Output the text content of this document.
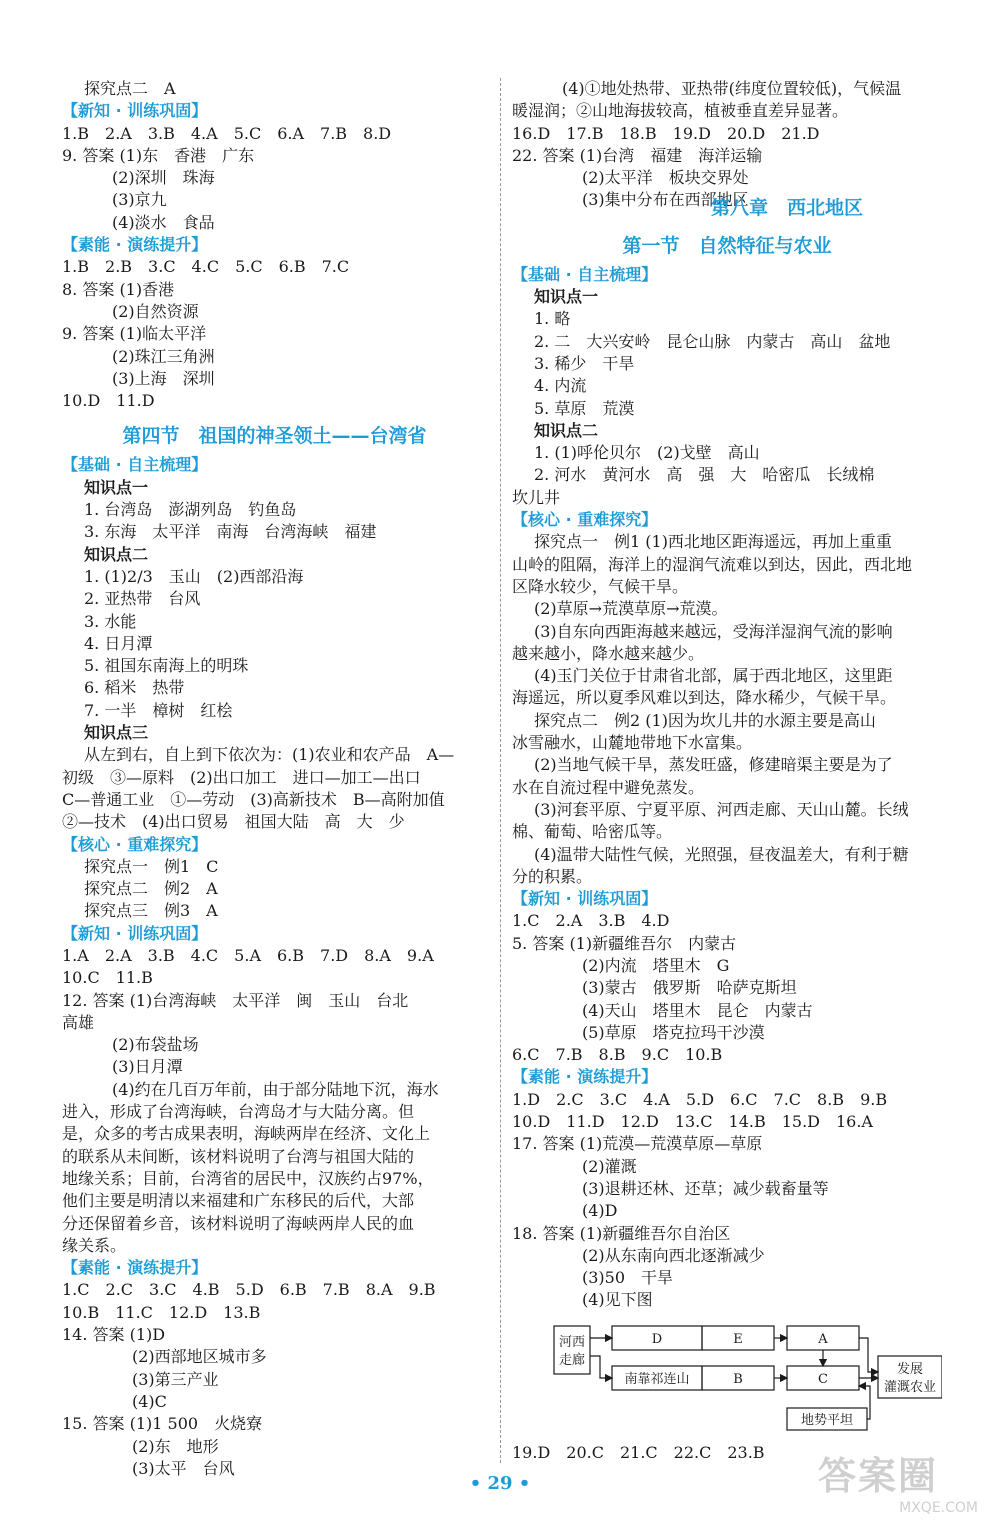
探究点二　A
【新知 · 训练巩固】
1.B　2.A　3.B　4.A　5.C　6.A　7.B　8.D
9. 答案 (1)东　香港　广东
(2)深圳　珠海
(3)京九
(4)淡水　食品
【素能 · 演练提升】
1.B　2.B　3.C　4.C　5.C　6.B　7.C
8. 答案 (1)香港
(2)自然资源
9. 答案 (1)临太平洋
(2)珠江三角洲
(3)上海　深圳
10.D　11.D
第四节　祖国的神圣领土——台湾省
【基础 · 自主梳理】
知识点一
1. 台湾岛　澎湖列岛　钓鱼岛
3. 东海　太平洋　南海　台湾海峡　福建
知识点二
1. (1)2/3　玉山　(2)西部沿海
2. 亚热带　台风
3. 水能
4. 日月潭
5. 祖国东南海上的明珠
6. 稻米　热带
7. 一半　樟树　红桧
知识点三
从左到右，自上到下依次为：(1)农业和农产品　A—
初级　③—原料　(2)出口加工　进口—加工—出口
C—普通工业　①—劳动　(3)高新技术　B—高附加值
②—技术　(4)出口贸易　祖国大陆　高　大　少
【核心 · 重难探究】
探究点一　例1　C
探究点二　例2　A
探究点三　例3　A
【新知 · 训练巩固】
1.A　2.A　3.B　4.C　5.A　6.B　7.D　8.A　9.A
10.C　11.B
12. 答案 (1)台湾海峡　太平洋　闽　玉山　台北
高雄
(2)布袋盐场
(3)日月潭
(4)约在几百万年前，由于部分陆地下沉，海水
进入，形成了台湾海峡，台湾岛才与大陆分离。但
是，众多的考古成果表明，海峡两岸在经济、文化上
的联系从未间断，该材料说明了台湾与祖国大陆的
地缘关系；目前，台湾省的居民中，汉族约占97%，
他们主要是明清以来福建和广东移民的后代，大部
分还保留着乡音，该材料说明了海峡两岸人民的血
缘关系。
【素能 · 演练提升】
1.C　2.C　3.C　4.B　5.D　6.B　7.B　8.A　9.B
10.B　11.C　12.D　13.B
14. 答案 (1)D
(2)西部地区城市多
(3)第三产业
(4)C
15. 答案 (1)1 500　火烧寮
(2)东　地形
(3)太平　台风
(4)①地处热带、亚热带(纬度位置较低)，气候温
暖湿润；②山地海拔较高，植被垂直差异显著。
16.D　17.B　18.B　19.D　20.D　21.D
22. 答案 (1)台湾　福建　海洋运输
(2)太平洋　板块交界处
(3)集中分布在西部地区
第八章　西北地区
第一节　自然特征与农业
【基础 · 自主梳理】
知识点一
1. 略
2. 二　大兴安岭　昆仑山脉　内蒙古　高山　盆地
3. 稀少　干旱
4. 内流
5. 草原　荒漠
知识点二
1. (1)呼伦贝尔　(2)戈壁　高山
2. 河水　黄河水　高　强　大　哈密瓜　长绒棉
坎儿井
【核心 · 重难探究】
探究点一　例1 (1)西北地区距海遥远，再加上重重
山岭的阻隔，海洋上的湿润气流难以到达，因此，西北地
区降水较少，气候干旱。
(2)草原→荒漠草原→荒漠。
(3)自东向西距海越来越远，受海洋湿润气流的影响
越来越小，降水越来越少。
(4)玉门关位于甘肃省北部，属于西北地区，这里距
海遥远，所以夏季风难以到达，降水稀少，气候干旱。
探究点二　例2 (1)因为坎儿井的水源主要是高山
冰雪融水，山麓地带地下水富集。
(2)当地气候干旱，蒸发旺盛，修建暗渠主要是为了
水在自流过程中避免蒸发。
(3)河套平原、宁夏平原、河西走廊、天山山麓。长绒
棉、葡萄、哈密瓜等。
(4)温带大陆性气候，光照强，昼夜温差大，有利于糖
分的积累。
【新知 · 训练巩固】
1.C　2.A　3.B　4.D
5. 答案 (1)新疆维吾尔　内蒙古
(2)内流　塔里木　G
(3)蒙古　俄罗斯　哈萨克斯坦
(4)天山　塔里木　昆仑　内蒙古
(5)草原　塔克拉玛干沙漠
6.C　7.B　8.B　9.C　10.B
【素能 · 演练提升】
1.D　2.C　3.C　4.A　5.D　6.C　7.C　8.B　9.B
10.D　11.D　12.D　13.C　14.B　15.D　16.A
17. 答案 (1)荒漠—荒漠草原—草原
(2)灌溉
(3)退耕还林、还草；减少载畜量等
(4)D
18. 答案 (1)新疆维吾尔自治区
(2)从东南向西北逐渐减少
(3)50　干旱
(4)见下图
河西
走廊
D	E	A
南靠祁连山	B	C
发展
灌溉农业
地势平坦
19.D　20.C　21.C　22.C　23.B
• 29 •	答案圈
MXQE.COM
